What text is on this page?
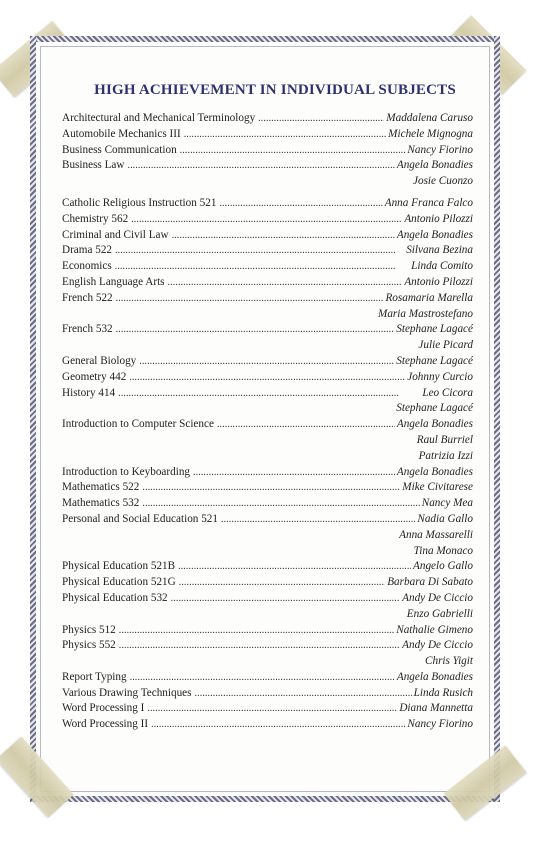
HIGH ACHIEVEMENT IN INDIVIDUAL SUBJECTS
Architectural and Mechanical Terminology . . .	Maddalena Caruso
Automobile Mechanics III . . .	Michele Mignogna
Business Communication . . .	Nancy Fiorino
Business Law . . .	Angela Bonadies
Josie Cuonzo
Catholic Religious Instruction 521 . . .	Anna Franca Falco
Chemistry 562 . . .	Antonio Pilozzi
Criminal and Civil Law . . .	Angela Bonadies
Drama 522 . . .	Silvana Bezina
Economics . . .	Linda Comito
English Language Arts . . .	Antonio Pilozzi
French 522 . . .	Rosamaria Marella
Maria Mastrostefano
French 532 . . .	Stephane Lagacé
Julie Picard
General Biology . . .	Stephane Lagacé
Geometry 442 . . .	Johnny Curcio
History 414 . . .	Leo Cicora
Stephane Lagacé
Introduction to Computer Science . . .	Angela Bonadies
Raul Burriel
Patrizia Izzi
Introduction to Keyboarding . . .	Angela Bonadies
Mathematics 522 . . .	Mike Civitarese
Mathematics 532 . . .	Nancy Mea
Personal and Social Education 521 . . .	Nadia Gallo
Anna Massarelli
Tina Monaco
Physical Education 521B . . .	Angelo Gallo
Physical Education 521G . . .	Barbara Di Sabato
Physical Education 532 . . .	Andy De Ciccio
Enzo Gabrielli
Physics 512 . . .	Nathalie Gimeno
Physics 552 . . .	Andy De Ciccio
Chris Yigit
Report Typing . . .	Angela Bonadies
Various Drawing Techniques . . .	Linda Rusich
Word Processing I . . .	Diana Mannetta
Word Processing II . . .	Nancy Fiorino
